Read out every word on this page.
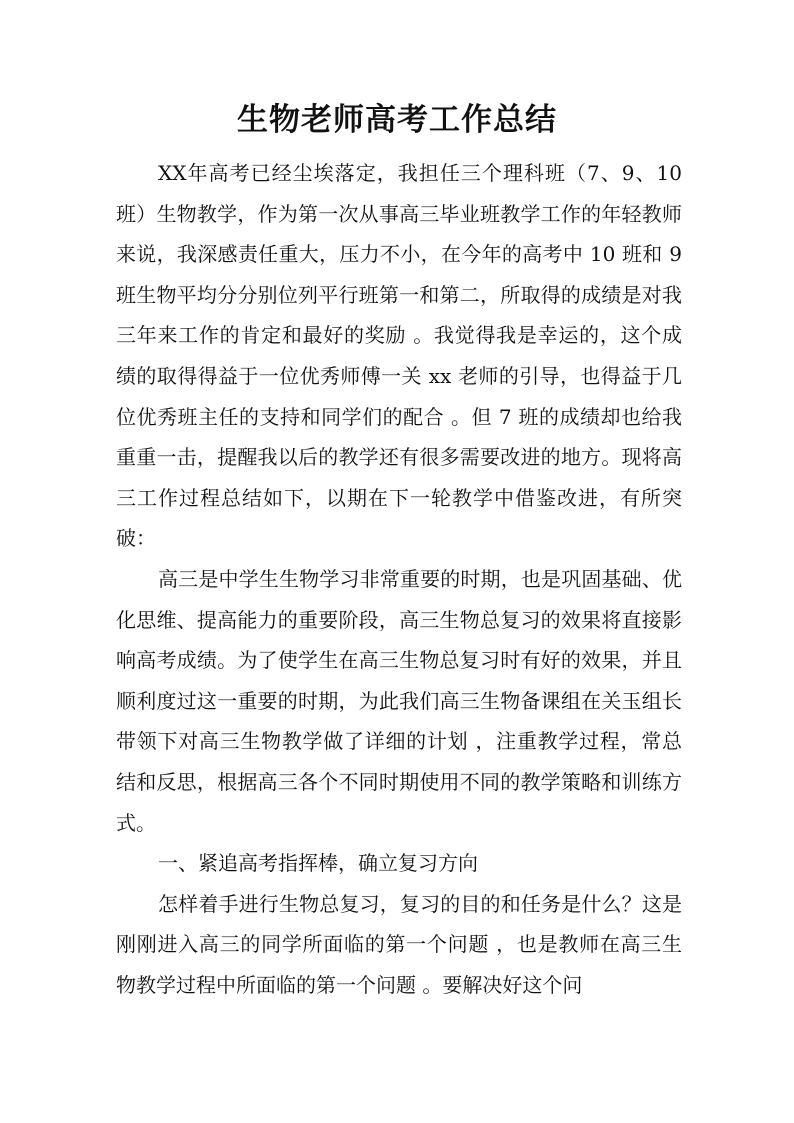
生物老师高考工作总结

XX年高考已经尘埃落定，我担任三个理科班（7、9、10班）生物教学，作为第一次从事高三毕业班教学工作的年轻教师来说，我深感责任重大，压力不小，在今年的高考中 10 班和 9 班生物平均分分别位列平行班第一和第二，所取得的成绩是对我三年来工作的肯定和最好的奖励 。我觉得我是幸运的，这个成绩的取得得益于一位优秀师傅一关 xx 老师的引导，也得益于几位优秀班主任的支持和同学们的配合 。但 7 班的成绩却也给我重重一击，提醒我以后的教学还有很多需要改进的地方。现将高三工作过程总结如下，以期在下一轮教学中借鉴改进，有所突破：

高三是中学生生物学习非常重要的时期，也是巩固基础、优化思维、提高能力的重要阶段，高三生物总复习的效果将直接影响高考成绩。为了使学生在高三生物总复习时有好的效果，并且顺利度过这一重要的时期，为此我们高三生物备课组在关玉组长带领下对高三生物教学做了详细的计划 ，注重教学过程，常总结和反思，根据高三各个不同时期使用不同的教学策略和训练方式。

一、紧追高考指挥棒，确立复习方向

怎样着手进行生物总复习，复习的目的和任务是什么？这是刚刚进入高三的同学所面临的第一个问题 ，也是教师在高三生物教学过程中所面临的第一个问题 。要解决好这个问
